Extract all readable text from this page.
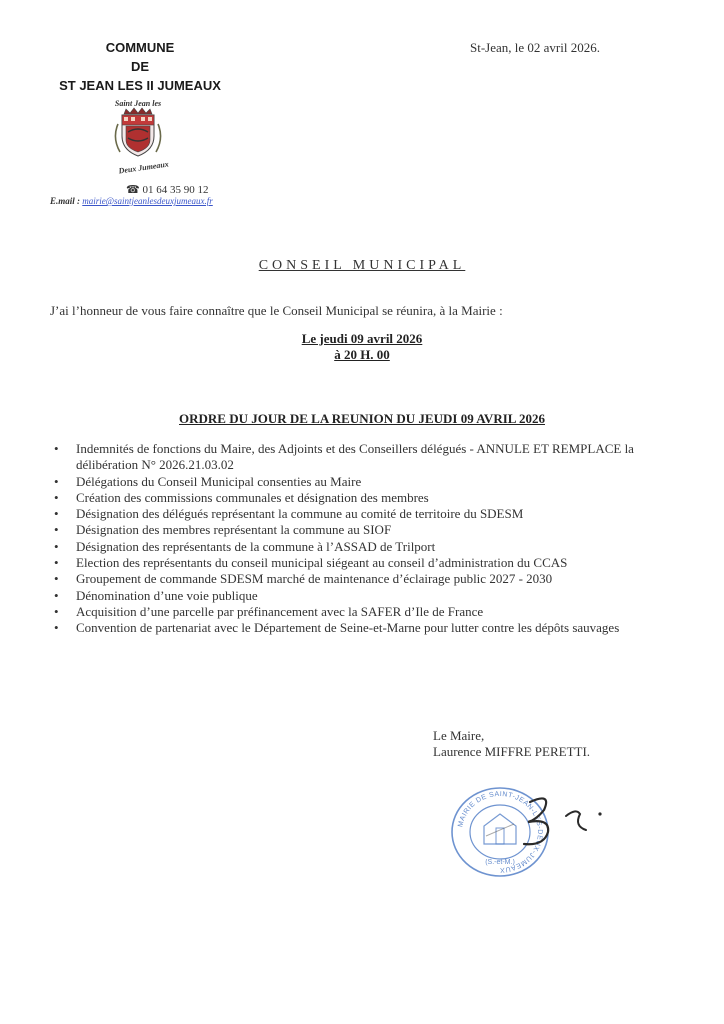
COMMUNE
DE
ST JEAN LES II JUMEAUX
St-Jean, le 02 avril 2026.
Saint Jean les
Deux Jumeaux
☎ 01 64 35 90 12
E.mail : mairie@saintjeanlesdeuxjumeaux.fr
CONSEIL MUNICIPAL
J’ai l’honneur de vous faire connaître que le Conseil Municipal se réunira, à la Mairie :
Le jeudi 09 avril 2026
à 20 H. 00
ORDRE DU JOUR DE LA REUNION DU JEUDI 09 AVRIL 2026
• Indemnités de fonctions du Maire, des Adjoints et des Conseillers délégués - ANNULE ET REMPLACE la délibération N° 2026.21.03.02
• Délégations du Conseil Municipal consenties au Maire
• Création des commissions communales et désignation des membres
• Désignation des délégués représentant la commune au comité de territoire du SDESM
• Désignation des membres représentant la commune au SIOF
• Désignation des représentants de la commune à l’ASSAD de Trilport
• Election des représentants du conseil municipal siégeant au conseil d’administration du CCAS
• Groupement de commande SDESM marché de maintenance d’éclairage public 2027 - 2030
• Dénomination d’une voie publique
• Acquisition d’une parcelle par préfinancement avec la SAFER d’Ile de France
• Convention de partenariat avec le Département de Seine-et-Marne pour lutter contre les dépôts sauvages
Le Maire,
Laurence MIFFRE PERETTI.
MAIRIE DE SAINT-JEAN-LES-DEUX-JUMEAUX
(S.-et-M.)
